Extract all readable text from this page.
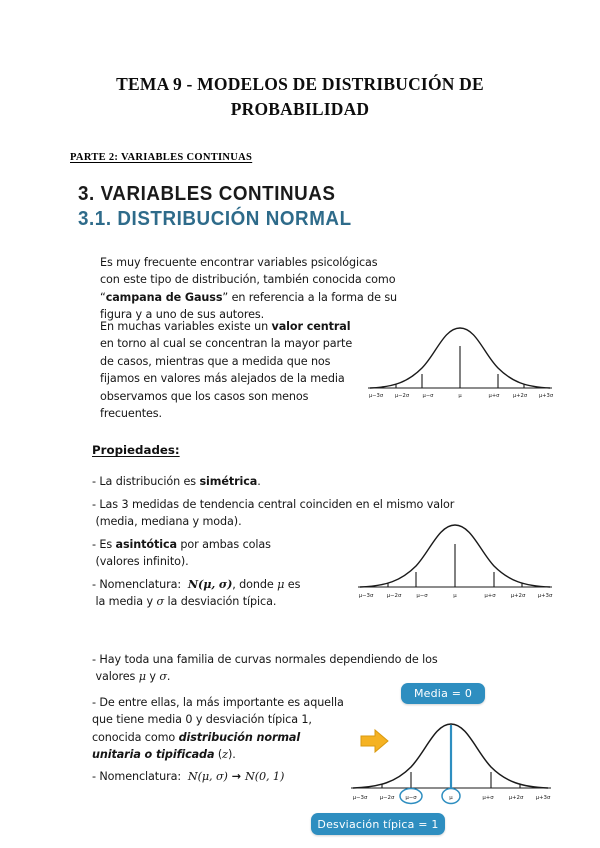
TEMA 9 - MODELOS DE DISTRIBUCIÓN DE PROBABILIDAD
PARTE 2: VARIABLES CONTINUAS
3. VARIABLES CONTINUAS
3.1. DISTRIBUCIÓN NORMAL
Es muy frecuente encontrar variables psicológicas con este tipo de distribución, también conocida como “campana de Gauss” en referencia a la forma de su figura y a uno de sus autores.
En muchas variables existe un valor central en torno al cual se concentran la mayor parte de casos, mientras que a medida que nos fijamos en valores más alejados de la media observamos que los casos son menos frecuentes.
μ−3σ μ−2σ	μ−σ	μ	μ+σ	μ+2σ μ+3σ
Propiedades:
- La distribución es simétrica.
- Las 3 medidas de tendencia central coinciden en el mismo valor
(media, mediana y moda).
- Es asintótica por ambas colas
(valores infinito).
- Nomenclatura:  N(μ, σ), donde μ es
la media y σ la desviación típica.	μ−3σ μ−2σ	μ−σ	μ	μ+σ	μ+2σ μ+3σ
- Hay toda una familia de curvas normales dependiendo de los
valores μ y σ.
- De entre ellas, la más importante es aquella que tiene media 0 y desviación típica 1, conocida como distribución normal unitaria o tipificada (z).
- Nomenclatura:  N(μ, σ) → N(0, 1)
Media = 0
μ−3σ μ−2σ μ−σ	μ	μ+σ	μ+2σ μ+3σ
Desviación típica = 1
